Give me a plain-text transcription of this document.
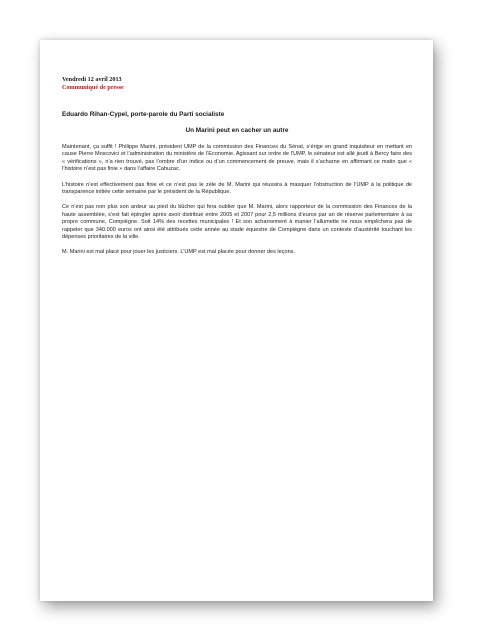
Vendredi 12 avril 2013

Communiqué de presse

Eduardo Rihan-Cypel, porte-parole du Parti socialiste

Un Marini peut en cacher un autre

Maintenant, ça suffit ! Philippe Marini, président UMP de la commission des Finances du Sénat, s’érige en grand inquisiteur en mettant en cause Pierre Moscovici et l’administration du ministère de l’Economie. Agissant sur ordre de l’UMP, le sénateur est allé jeudi à Bercy faire des « vérifications », n’a rien trouvé, pas l’ombre d’un indice ou d’un commencement de preuve, mais il s’acharne en affirmant ce matin que « l’histoire n’est pas finie » dans l’affaire Cahuzac.

L’histoire n’est effectivement pas finie et ce n’est pas le zèle de M. Marini qui réussira à masquer l’obstruction de l’UMP à la politique de transparence initiée cette semaine par le président de la République.

Ce n’est pas non plus son ardeur au pied du bûcher qui fera oublier que M. Marini, alors rapporteur de la commission des Finances de la haute assemblée, s’est fait épingler après avoir distribué entre 2005 et 2007 pour 2,5 millions d’euros par an de réserve parlementaire à sa propre commune, Compiègne. Soit 14% des recettes municipales ! Et son acharnement à manier l’allumette ne nous empêchera pas de rappeler que 340.000 euros ont ainsi été attribués cette année au stade équestre de Compiègne dans un contexte d’austérité touchant les dépenses prioritaires de la ville.

M. Marini est mal placé pour jouer les justiciers. L’UMP est mal placée pour donner des leçons.
